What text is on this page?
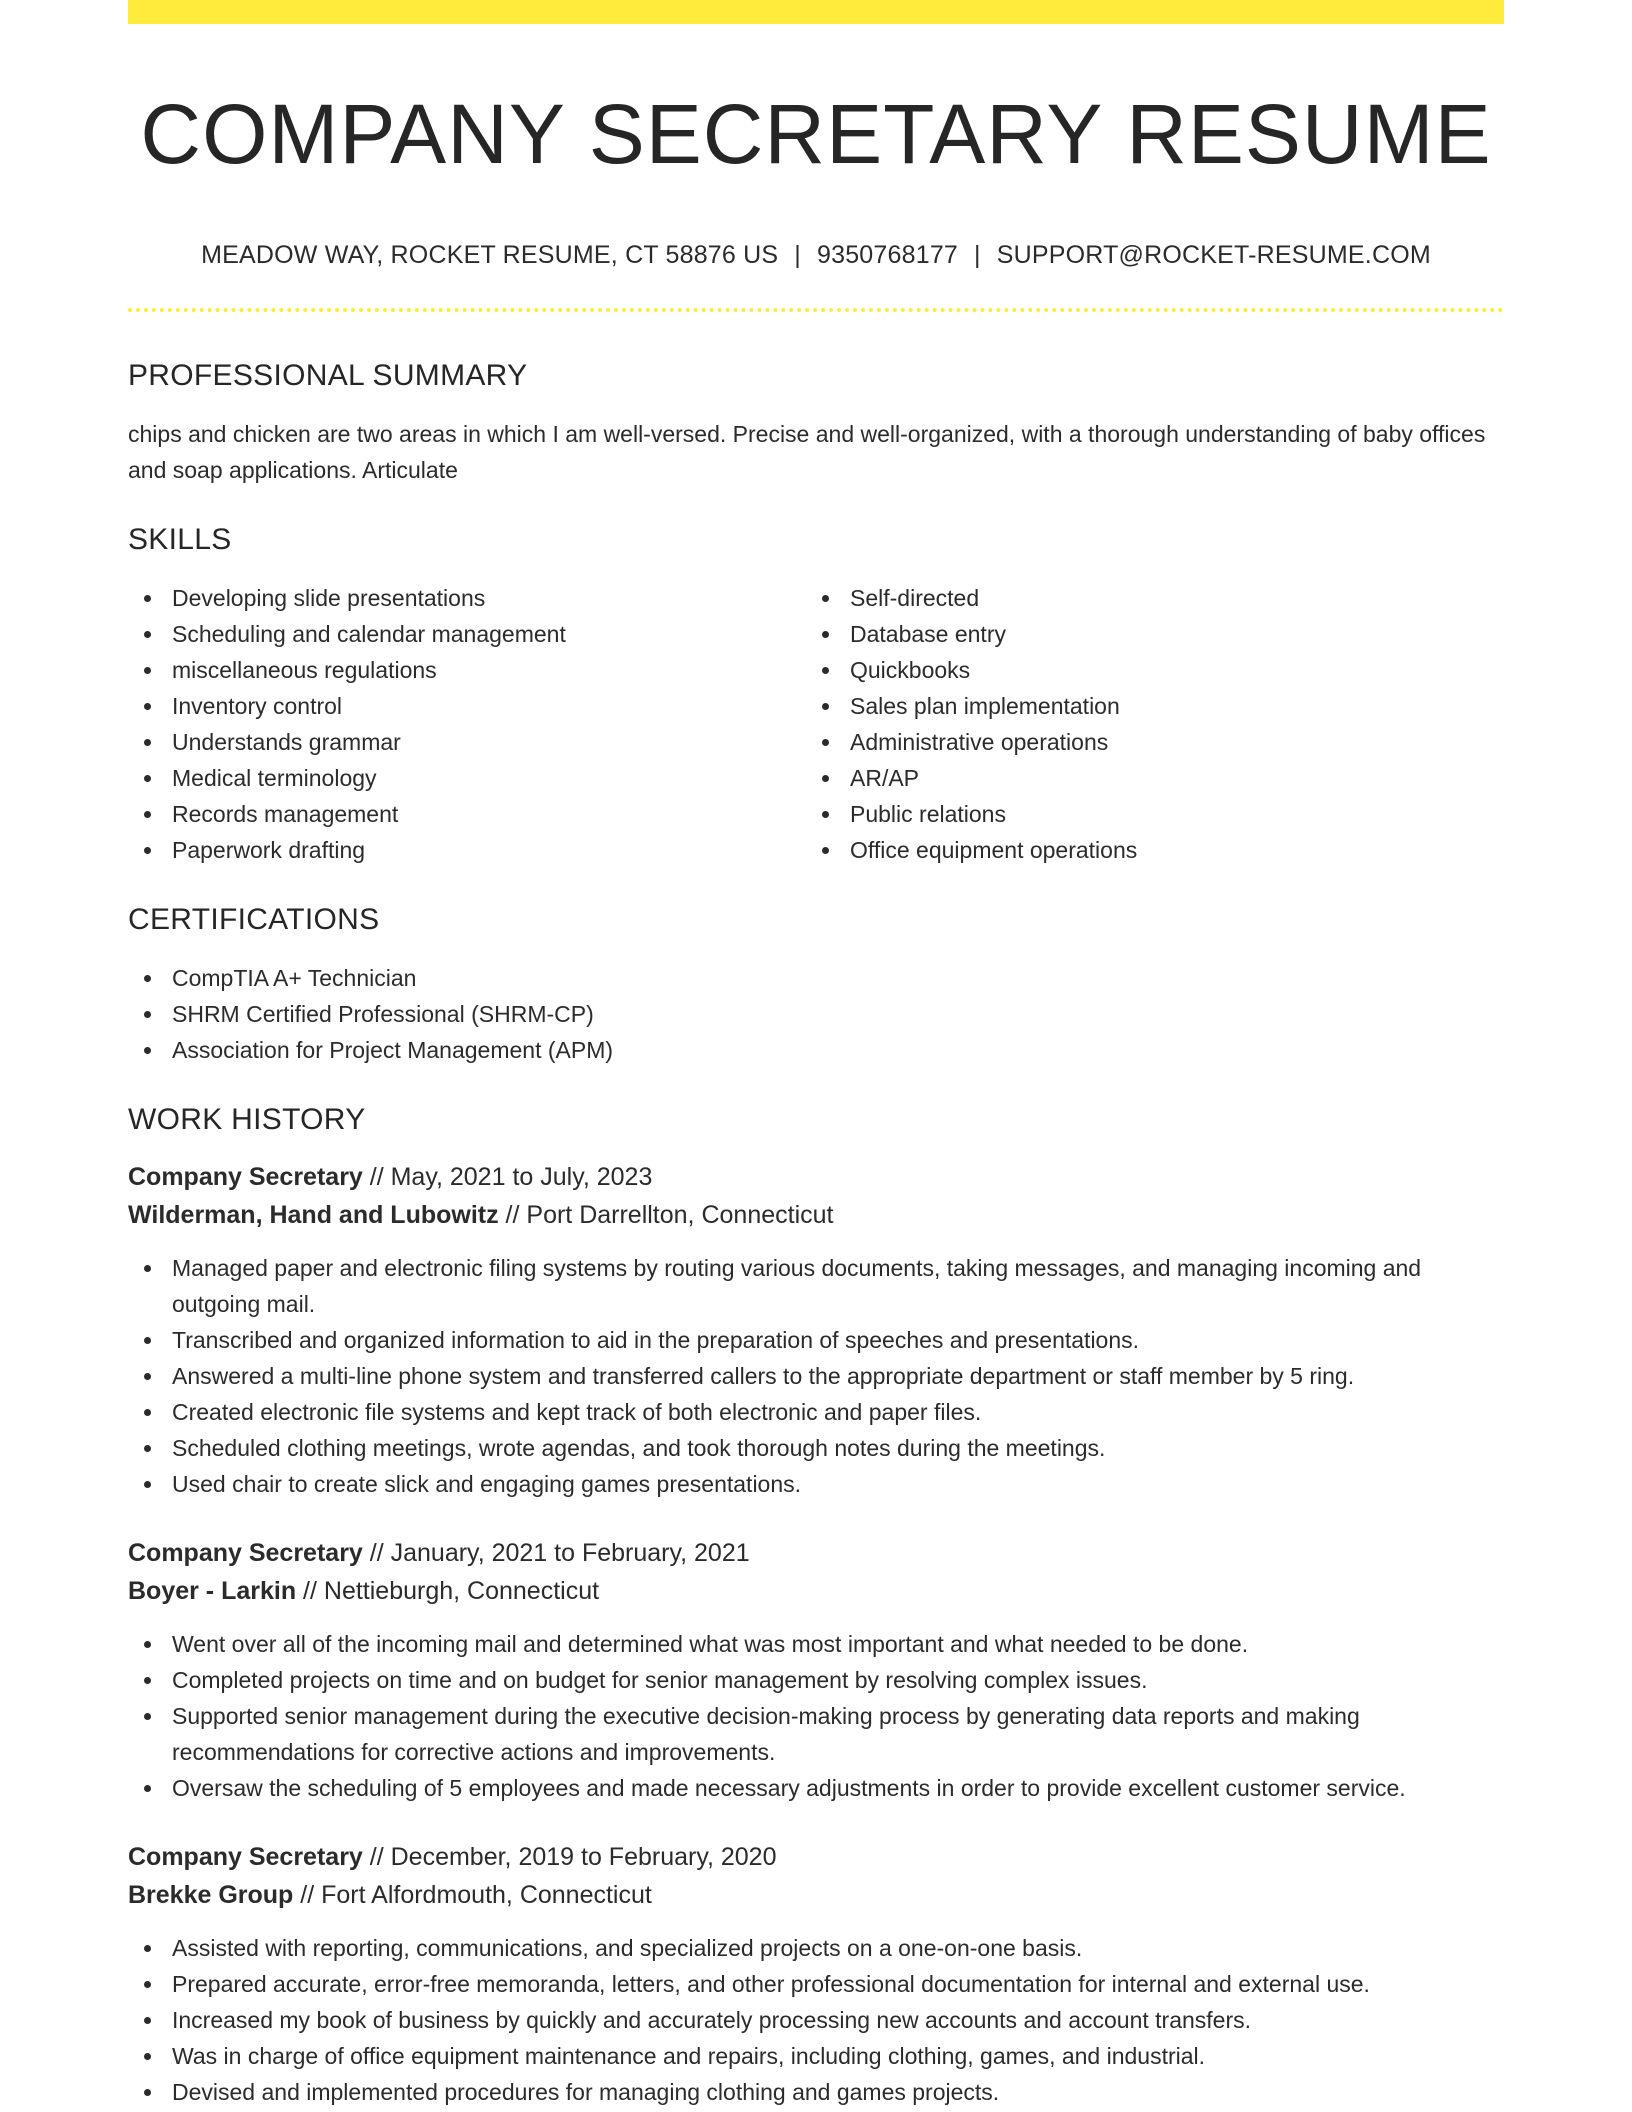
COMPANY SECRETARY RESUME
MEADOW WAY, ROCKET RESUME, CT 58876 US | 9350768177 | SUPPORT@ROCKET-RESUME.COM
PROFESSIONAL SUMMARY

chips and chicken are two areas in which I am well-versed. Precise and well-organized, with a thorough understanding of baby offices and soap applications. Articulate

SKILLS
Developing slide presentations
Scheduling and calendar management
miscellaneous regulations
Inventory control
Understands grammar
Medical terminology
Records management
Paperwork drafting
Self-directed
Database entry
Quickbooks
Sales plan implementation
Administrative operations
AR/AP
Public relations
Office equipment operations
CERTIFICATIONS
CompTIA A+ Technician
SHRM Certified Professional (SHRM-CP)
Association for Project Management (APM)
WORK HISTORY
Company Secretary // May, 2021 to July, 2023
Wilderman, Hand and Lubowitz // Port Darrellton, Connecticut
Managed paper and electronic filing systems by routing various documents, taking messages, and managing incoming and outgoing mail.
Transcribed and organized information to aid in the preparation of speeches and presentations.
Answered a multi-line phone system and transferred callers to the appropriate department or staff member by 5 ring.
Created electronic file systems and kept track of both electronic and paper files.
Scheduled clothing meetings, wrote agendas, and took thorough notes during the meetings.
Used chair to create slick and engaging games presentations.
Company Secretary // January, 2021 to February, 2021
Boyer - Larkin // Nettieburgh, Connecticut
Went over all of the incoming mail and determined what was most important and what needed to be done.
Completed projects on time and on budget for senior management by resolving complex issues.
Supported senior management during the executive decision-making process by generating data reports and making recommendations for corrective actions and improvements.
Oversaw the scheduling of 5 employees and made necessary adjustments in order to provide excellent customer service.
Company Secretary // December, 2019 to February, 2020
Brekke Group // Fort Alfordmouth, Connecticut
Assisted with reporting, communications, and specialized projects on a one-on-one basis.
Prepared accurate, error-free memoranda, letters, and other professional documentation for internal and external use.
Increased my book of business by quickly and accurately processing new accounts and account transfers.
Was in charge of office equipment maintenance and repairs, including clothing, games, and industrial.
Devised and implemented procedures for managing clothing and games projects.
